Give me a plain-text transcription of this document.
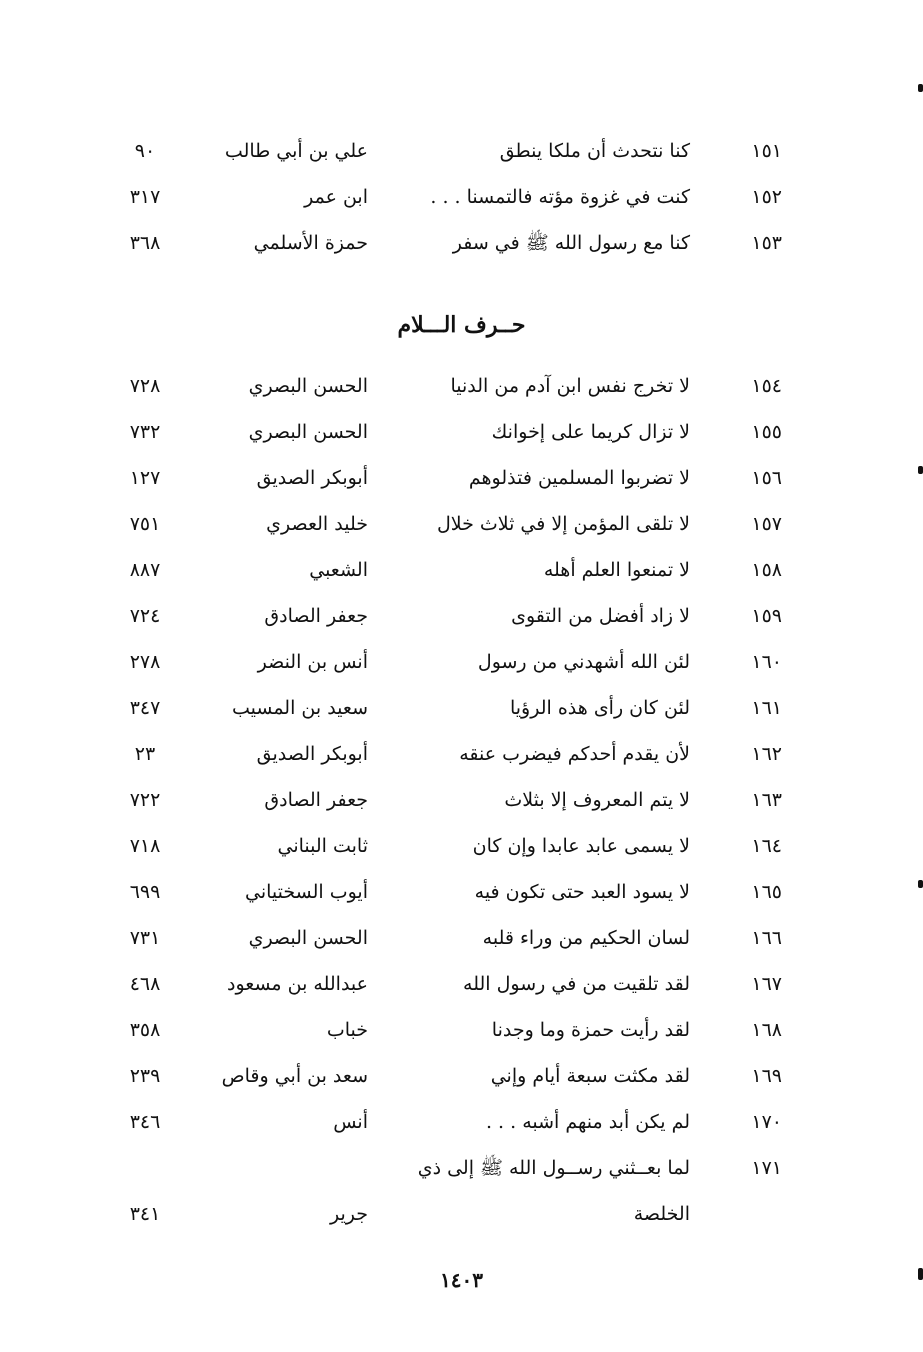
١٥١
كنا نتحدث أن ملكا ينطق
علي بن أبي طالب
٩٠
١٥٢
كنت في غزوة مؤته فالتمسنا . . .
ابن عمر
٣١٧
١٥٣
كنا مع رسول الله ﷺ في سفر
حمزة الأسلمي
٣٦٨
حــرف الـــلام
١٥٤
لا تخرج نفس ابن آدم من الدنيا
الحسن البصري
٧٢٨
١٥٥
لا تزال كريما على إخوانك
الحسن البصري
٧٣٢
١٥٦
لا تضربوا المسلمين فتذلوهم
أبوبكر الصديق
١٢٧
١٥٧
لا تلقى المؤمن إلا في ثلاث خلال
خليد العصري
٧٥١
١٥٨
لا تمنعوا العلم أهله
الشعبي
٨٨٧
١٥٩
لا زاد أفضل من التقوى
جعفر الصادق
٧٢٤
١٦٠
لئن الله أشهدني من رسول
أنس بن النضر
٢٧٨
١٦١
لئن كان رأى هذه الرؤيا
سعيد بن المسيب
٣٤٧
١٦٢
لأن يقدم أحدكم فيضرب عنقه
أبوبكر الصديق
٢٣
١٦٣
لا يتم المعروف إلا بثلاث
جعفر الصادق
٧٢٢
١٦٤
لا يسمى عابد عابدا وإن كان
ثابت البناني
٧١٨
١٦٥
لا يسود العبد حتى تكون فيه
أيوب السختياني
٦٩٩
١٦٦
لسان الحكيم من وراء قلبه
الحسن البصري
٧٣١
١٦٧
لقد تلقيت من في رسول الله
عبدالله بن مسعود
٤٦٨
١٦٨
لقد رأيت حمزة وما وجدنا
خباب
٣٥٨
١٦٩
لقد مكثت سبعة أيام وإني
سعد بن أبي وقاص
٢٣٩
١٧٠
لم يكن أبد منهم أشبه . . .
أنس
٣٤٦
١٧١
لما بعــثني رســول الله ﷺ إلى ذي
الخلصة
جرير
٣٤١
١٤٠٣
